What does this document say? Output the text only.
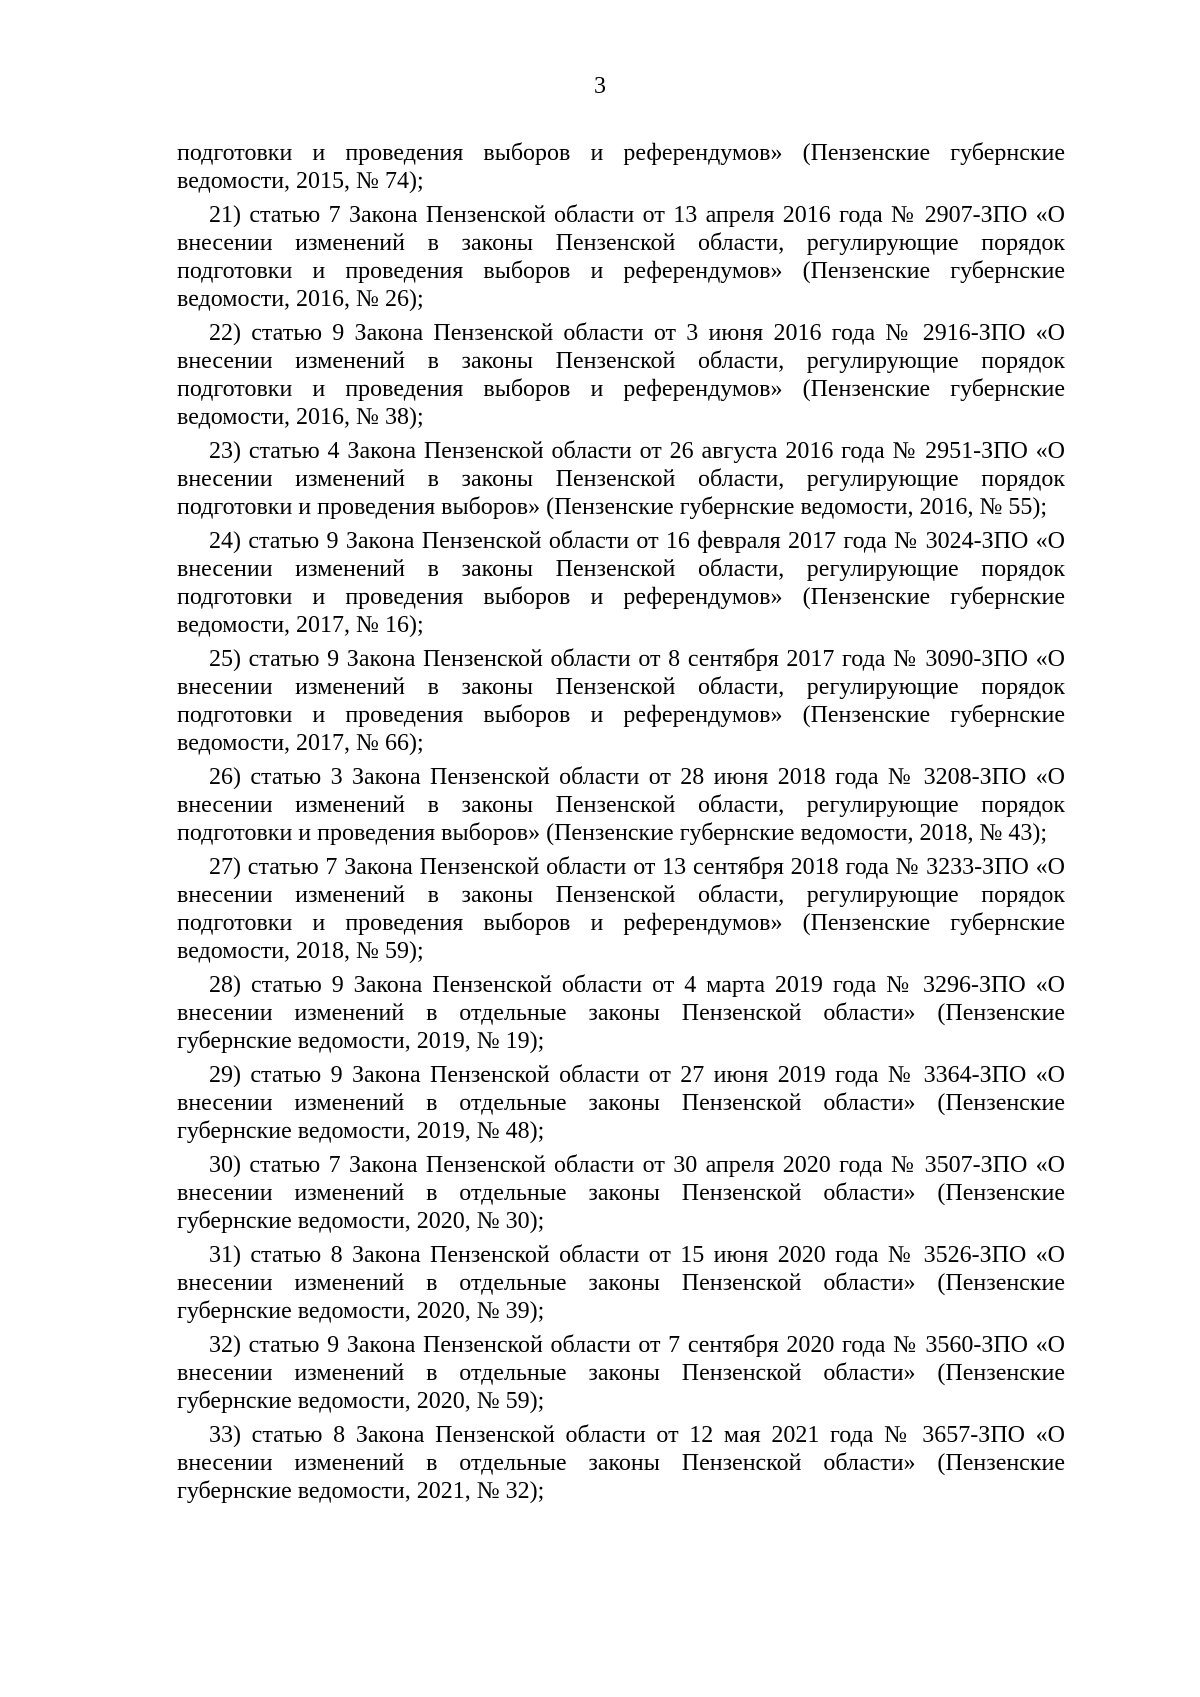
3

подготовки и проведения выборов и референдумов» (Пензенские губернские ведомости, 2015, № 74);

21) статью 7 Закона Пензенской области от 13 апреля 2016 года № 2907-ЗПО «О внесении изменений в законы Пензенской области, регулирующие порядок подготовки и проведения выборов и референдумов» (Пензенские губернские ведомости, 2016, № 26);

22) статью 9 Закона Пензенской области от 3 июня 2016 года № 2916-ЗПО «О внесении изменений в законы Пензенской области, регулирующие порядок подготовки и проведения выборов и референдумов» (Пензенские губернские ведомости, 2016, № 38);

23) статью 4 Закона Пензенской области от 26 августа 2016 года № 2951-ЗПО «О внесении изменений в законы Пензенской области, регулирующие порядок подготовки и проведения выборов» (Пензенские губернские ведомости, 2016, № 55);

24) статью 9 Закона Пензенской области от 16 февраля 2017 года № 3024-ЗПО «О внесении изменений в законы Пензенской области, регулирующие порядок подготовки и проведения выборов и референдумов» (Пензенские губернские ведомости, 2017, № 16);

25) статью 9 Закона Пензенской области от 8 сентября 2017 года № 3090-ЗПО «О внесении изменений в законы Пензенской области, регулирующие порядок подготовки и проведения выборов и референдумов» (Пензенские губернские ведомости, 2017, № 66);

26) статью 3 Закона Пензенской области от 28 июня 2018 года № 3208-ЗПО «О внесении изменений в законы Пензенской области, регулирующие порядок подготовки и проведения выборов» (Пензенские губернские ведомости, 2018, № 43);

27) статью 7 Закона Пензенской области от 13 сентября 2018 года № 3233-ЗПО «О внесении изменений в законы Пензенской области, регулирующие порядок подготовки и проведения выборов и референдумов» (Пензенские губернские ведомости, 2018, № 59);

28) статью 9 Закона Пензенской области от 4 марта 2019 года № 3296-ЗПО «О внесении изменений в отдельные законы Пензенской области» (Пензенские губернские ведомости, 2019, № 19);

29) статью 9 Закона Пензенской области от 27 июня 2019 года № 3364-ЗПО «О внесении изменений в отдельные законы Пензенской области» (Пензенские губернские ведомости, 2019, № 48);

30) статью 7 Закона Пензенской области от 30 апреля 2020 года № 3507-ЗПО «О внесении изменений в отдельные законы Пензенской области» (Пензенские губернские ведомости, 2020, № 30);

31) статью 8 Закона Пензенской области от 15 июня 2020 года № 3526-ЗПО «О внесении изменений в отдельные законы Пензенской области» (Пензенские губернские ведомости, 2020, № 39);

32) статью 9 Закона Пензенской области от 7 сентября 2020 года № 3560-ЗПО «О внесении изменений в отдельные законы Пензенской области» (Пензенские губернские ведомости, 2020, № 59);

33) статью 8 Закона Пензенской области от 12 мая 2021 года № 3657-ЗПО «О внесении изменений в отдельные законы Пензенской области» (Пензенские губернские ведомости, 2021, № 32);
